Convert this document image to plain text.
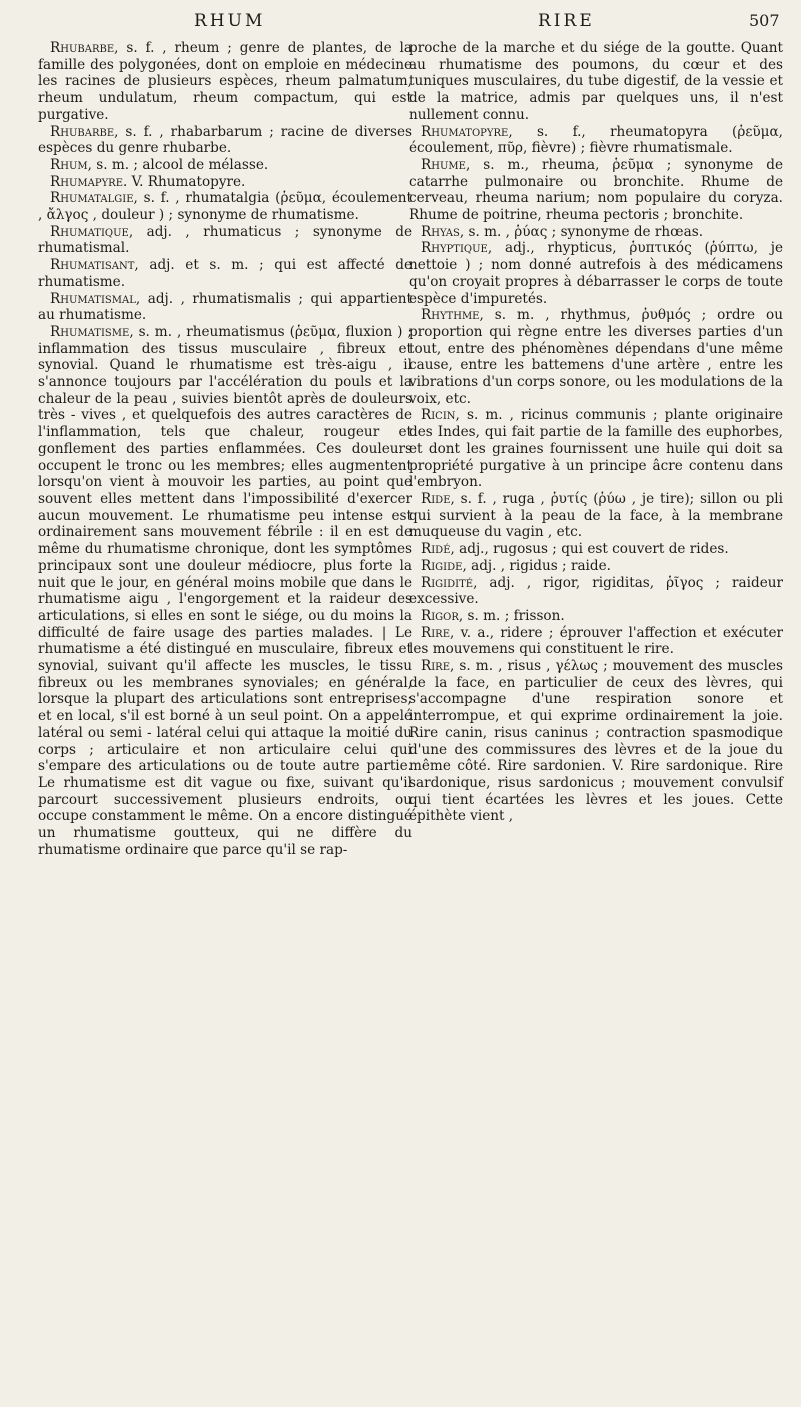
RHUM	RIRE	507

Rhubarbe, s. f. , rheum ; genre de plantes, de la famille des polygonées, dont on emploie en médecine les racines de plusieurs espèces, rheum palmatum, rheum undulatum, rheum compactum, qui est purgative.

Rhubarbe, s. f. , rhabarbarum ; racine de diverses espèces du genre rhubarbe.

Rhum, s. m. ; alcool de mélasse.

Rhumapyre. V. Rhumatopyre.

Rhumatalgie, s. f. , rhumatalgia (ῥεῦμα, écoulement , ἄλγος , douleur ) ; synonyme de rhumatisme.

Rhumatique, adj. , rhumaticus ; synonyme de rhumatismal.

Rhumatisant, adj. et s. m. ; qui est affecté de rhumatisme.

Rhumatismal, adj. , rhumatismalis ; qui appartient au rhumatisme.

Rhumatisme, s. m. , rheumatismus (ῥεῦμα, fluxion ) ; inflammation des tissus musculaire , fibreux et synovial. Quand le rhumatisme est très-aigu , il s'annonce toujours par l'accélération du pouls et la chaleur de la peau , suivies bientôt après de douleurs très - vives , et quelquefois des autres caractères de l'inflammation, tels que chaleur, rougeur et gonflement des parties enflammées. Ces douleurs occupent le tronc ou les membres; elles augmentent lorsqu'on vient à mouvoir les parties, au point que souvent elles mettent dans l'impossibilité d'exercer aucun mouvement. Le rhumatisme peu intense est ordinairement sans mouvement fébrile : il en est de même du rhumatisme chronique, dont les symptômes principaux sont une douleur médiocre, plus forte la nuit que le jour, en général moins mobile que dans le rhumatisme aigu , l'engorgement et la raideur des articulations, si elles en sont le siége, ou du moins la difficulté de faire usage des parties malades. | Le rhumatisme a été distingué en musculaire, fibreux et synovial, suivant qu'il affecte les muscles, le tissu fibreux ou les membranes synoviales; en général, lorsque la plupart des articulations sont entreprises; et en local, s'il est borné à un seul point. On a appelé latéral ou semi - latéral celui qui attaque la moitié du corps ; articulaire et non articulaire celui qui s'empare des articulations ou de toute autre partie. Le rhumatisme est dit vague ou fixe, suivant qu'il parcourt successivement plusieurs endroits, ou occupe constamment le même. On a encore distingué un rhumatisme goutteux, qui ne diffère du rhumatisme ordinaire que parce qu'il se rap-

proche de la marche et du siége de la goutte. Quant au rhumatisme des poumons, du cœur et des tuniques musculaires, du tube digestif, de la vessie et de la matrice, admis par quelques uns, il n'est nullement connu.

Rhumatopyre, s. f., rheumatopyra (ῥεῦμα, écoulement, πῦρ, fièvre) ; fièvre rhumatismale.

Rhume, s. m., rheuma, ῥεῦμα ; synonyme de catarrhe pulmonaire ou bronchite. Rhume de cerveau, rheuma narium; nom populaire du coryza. Rhume de poitrine, rheuma pectoris ; bronchite.

Rhyas, s. m. , ῥύας ; synonyme de rhœas.

Rhyptique, adj., rhypticus, ῥυπτικός (ῥύπτω, je nettoie ) ; nom donné autrefois à des médicamens qu'on croyait propres à débarrasser le corps de toute espèce d'impuretés.

Rhythme, s. m. , rhythmus, ῥυθμός ; ordre ou proportion qui règne entre les diverses parties d'un tout, entre des phénomènes dépendans d'une même cause, entre les battemens d'une artère , entre les vibrations d'un corps sonore, ou les modulations de la voix, etc.

Ricin, s. m. , ricinus communis ; plante originaire des Indes, qui fait partie de la famille des euphorbes, et dont les graines fournissent une huile qui doit sa propriété purgative à un principe âcre contenu dans l'embryon.

Ride, s. f. , ruga , ῥυτίς (ῥύω , je tire); sillon ou pli qui survient à la peau de la face, à la membrane muqueuse du vagin , etc.

Ridé, adj., rugosus ; qui est couvert de rides.

Rigide, adj. , rigidus ; raide.

Rigidité, adj. , rigor, rigiditas, ῥῖγος ; raideur excessive.

Rigor, s. m. ; frisson.

Rire, v. a., ridere ; éprouver l'affection et exécuter les mouvemens qui constituent le rire.

Rire, s. m. , risus , γέλως ; mouvement des muscles de la face, en particulier de ceux des lèvres, qui s'accompagne d'une respiration sonore et interrompue, et qui exprime ordinairement la joie. Rire canin, risus caninus ; contraction spasmodique d'une des commissures des lèvres et de la joue du même côté. Rire sardonien. V. Rire sardonique. Rire sardonique, risus sardonicus ; mouvement convulsif qui tient écartées les lèvres et les joues. Cette épithète vient ,
